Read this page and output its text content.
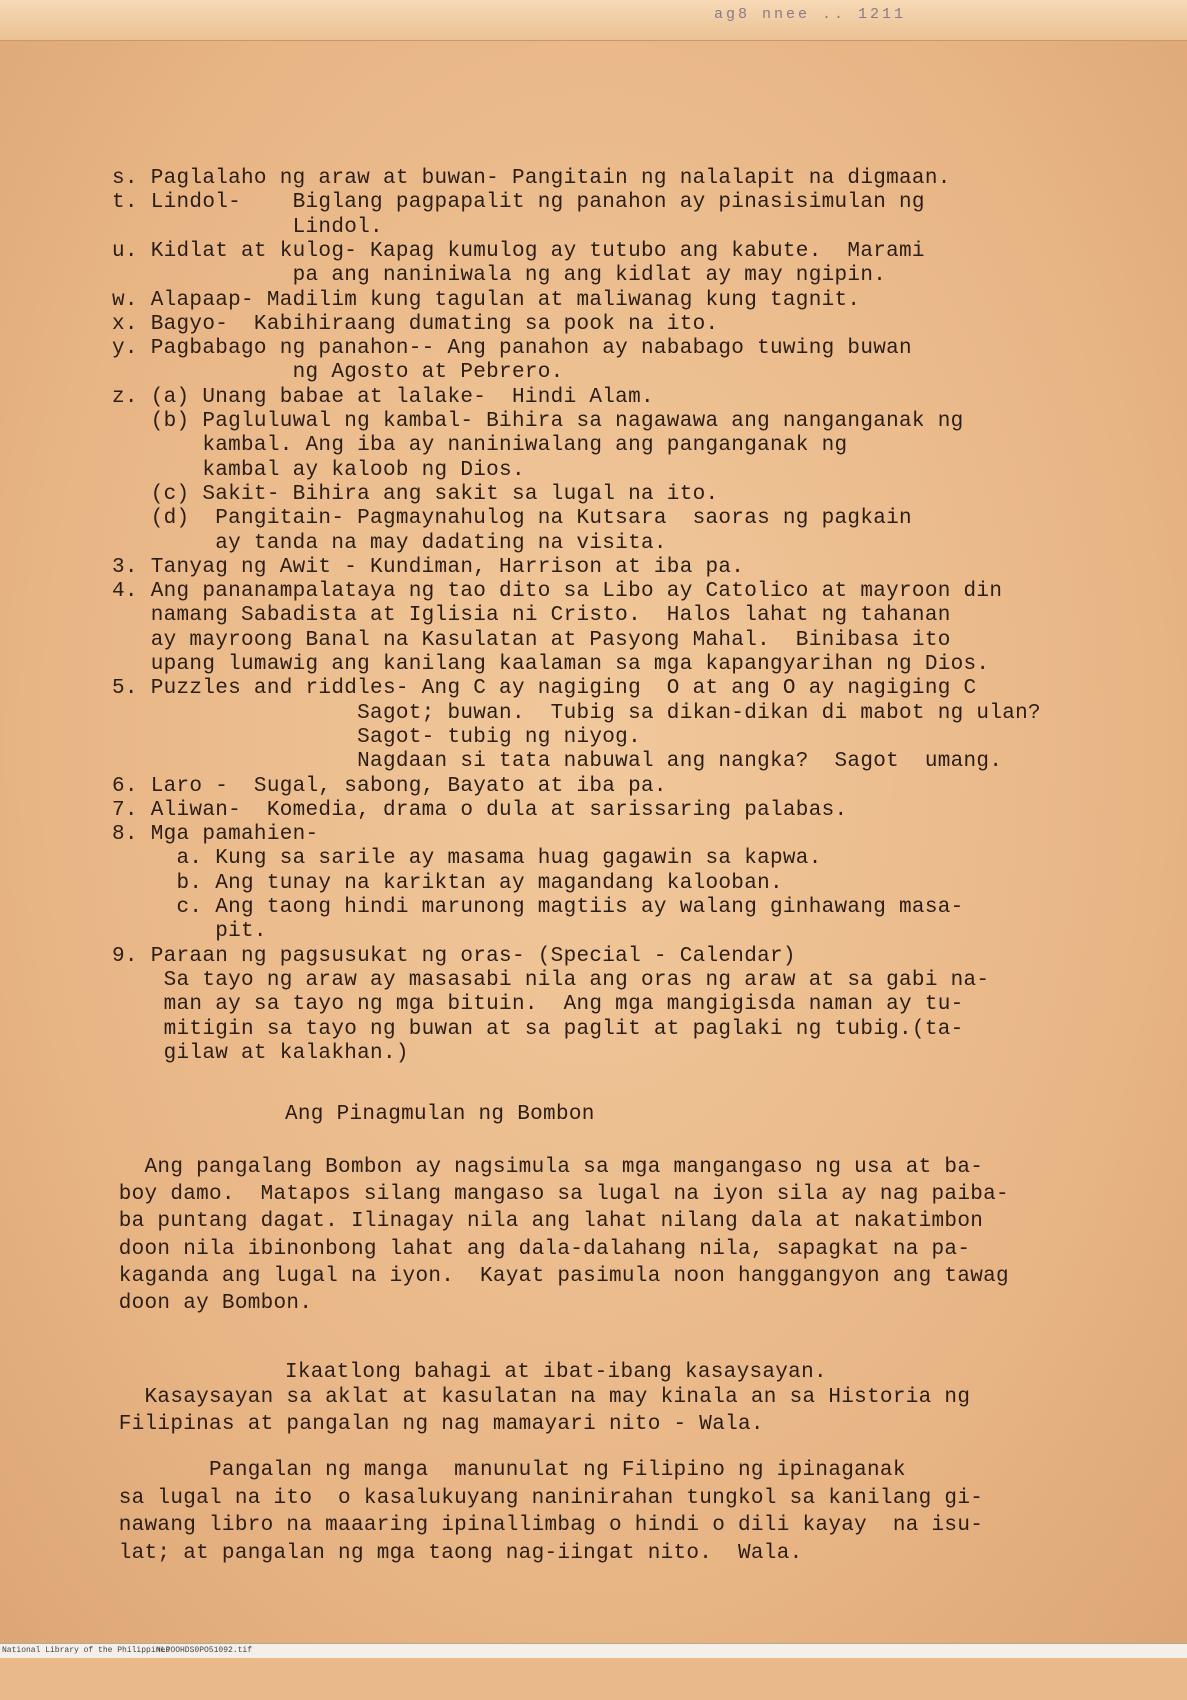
ag8 nnee .. 1211
s. Paglalaho ng araw at buwan- Pangitain ng nalalapit na digmaan.
t. Lindol-    Biglang pagpapalit ng panahon ay pinasisimulan ng
Lindol.
u. Kidlat at kulog- Kapag kumulog ay tutubo ang kabute.  Marami
pa ang naniniwala ng ang kidlat ay may ngipin.
w. Alapaap- Madilim kung tagulan at maliwanag kung tagnit.
x. Bagyo-  Kabihiraang dumating sa pook na ito.
y. Pagbabago ng panahon-- Ang panahon ay nababago tuwing buwan
ng Agosto at Pebrero.
z. (a) Unang babae at lalake-  Hindi Alam.
(b) Pagluluwal ng kambal- Bihira sa nagawawa ang nanganganak ng
kambal. Ang iba ay naniniwalang ang panganganak ng
kambal ay kaloob ng Dios.
(c) Sakit- Bihira ang sakit sa lugal na ito.
(d)  Pangitain- Pagmaynahulog na Kutsara  saoras ng pagkain
ay tanda na may dadating na visita.
3. Tanyag ng Awit - Kundiman, Harrison at iba pa.
4. Ang pananampalataya ng tao dito sa Libo ay Catolico at mayroon din
namang Sabadista at Iglisia ni Cristo.  Halos lahat ng tahanan
ay mayroong Banal na Kasulatan at Pasyong Mahal.  Binibasa ito
upang lumawig ang kanilang kaalaman sa mga kapangyarihan ng Dios.
5. Puzzles and riddles- Ang C ay nagiging  O at ang O ay nagiging C
Sagot; buwan.  Tubig sa dikan-dikan di mabot ng ulan?
Sagot- tubig ng niyog.
Nagdaan si tata nabuwal ang nangka?  Sagot  umang.
6. Laro -  Sugal, sabong, Bayato at iba pa.
7. Aliwan-  Komedia, drama o dula at sarissaring palabas.
8. Mga pamahien-
a. Kung sa sarile ay masama huag gagawin sa kapwa.
b. Ang tunay na kariktan ay magandang kalooban.
c. Ang taong hindi marunong magtiis ay walang ginhawang masa-
pit.
9. Paraan ng pagsusukat ng oras- (Special - Calendar)
Sa tayo ng araw ay masasabi nila ang oras ng araw at sa gabi na-
man ay sa tayo ng mga bituin.  Ang mga mangigisda naman ay tu-
mitigin sa tayo ng buwan at sa paglit at paglaki ng tubig.(ta-
gilaw at kalakhan.)
Ang Pinagmulan ng Bombon
Ang pangalang Bombon ay nagsimula sa mga mangangaso ng usa at ba-
boy damo.  Matapos silang mangaso sa lugal na iyon sila ay nag paiba-
ba puntang dagat. Ilinagay nila ang lahat nilang dala at nakatimbon
doon nila ibinonbong lahat ang dala-dalahang nila, sapagkat na pa-
kaganda ang lugal na iyon.  Kayat pasimula noon hanggangyon ang tawag
doon ay Bombon.
Ikaatlong bahagi at ibat-ibang kasaysayan.
Kasaysayan sa aklat at kasulatan na may kinala an sa Historia ng
Filipinas at pangalan ng nag mamayari nito - Wala.
Pangalan ng manga  manunulat ng Filipino ng ipinaganak
sa lugal na ito  o kasalukuyang naninirahan tungkol sa kanilang gi-
nawang libro na maaaring ipinallimbag o hindi o dili kayay  na isu-
lat; at pangalan ng mga taong nag-iingat nito.  Wala.

National Library of the Philippines

NLPOOHDS0PO51092.tif
